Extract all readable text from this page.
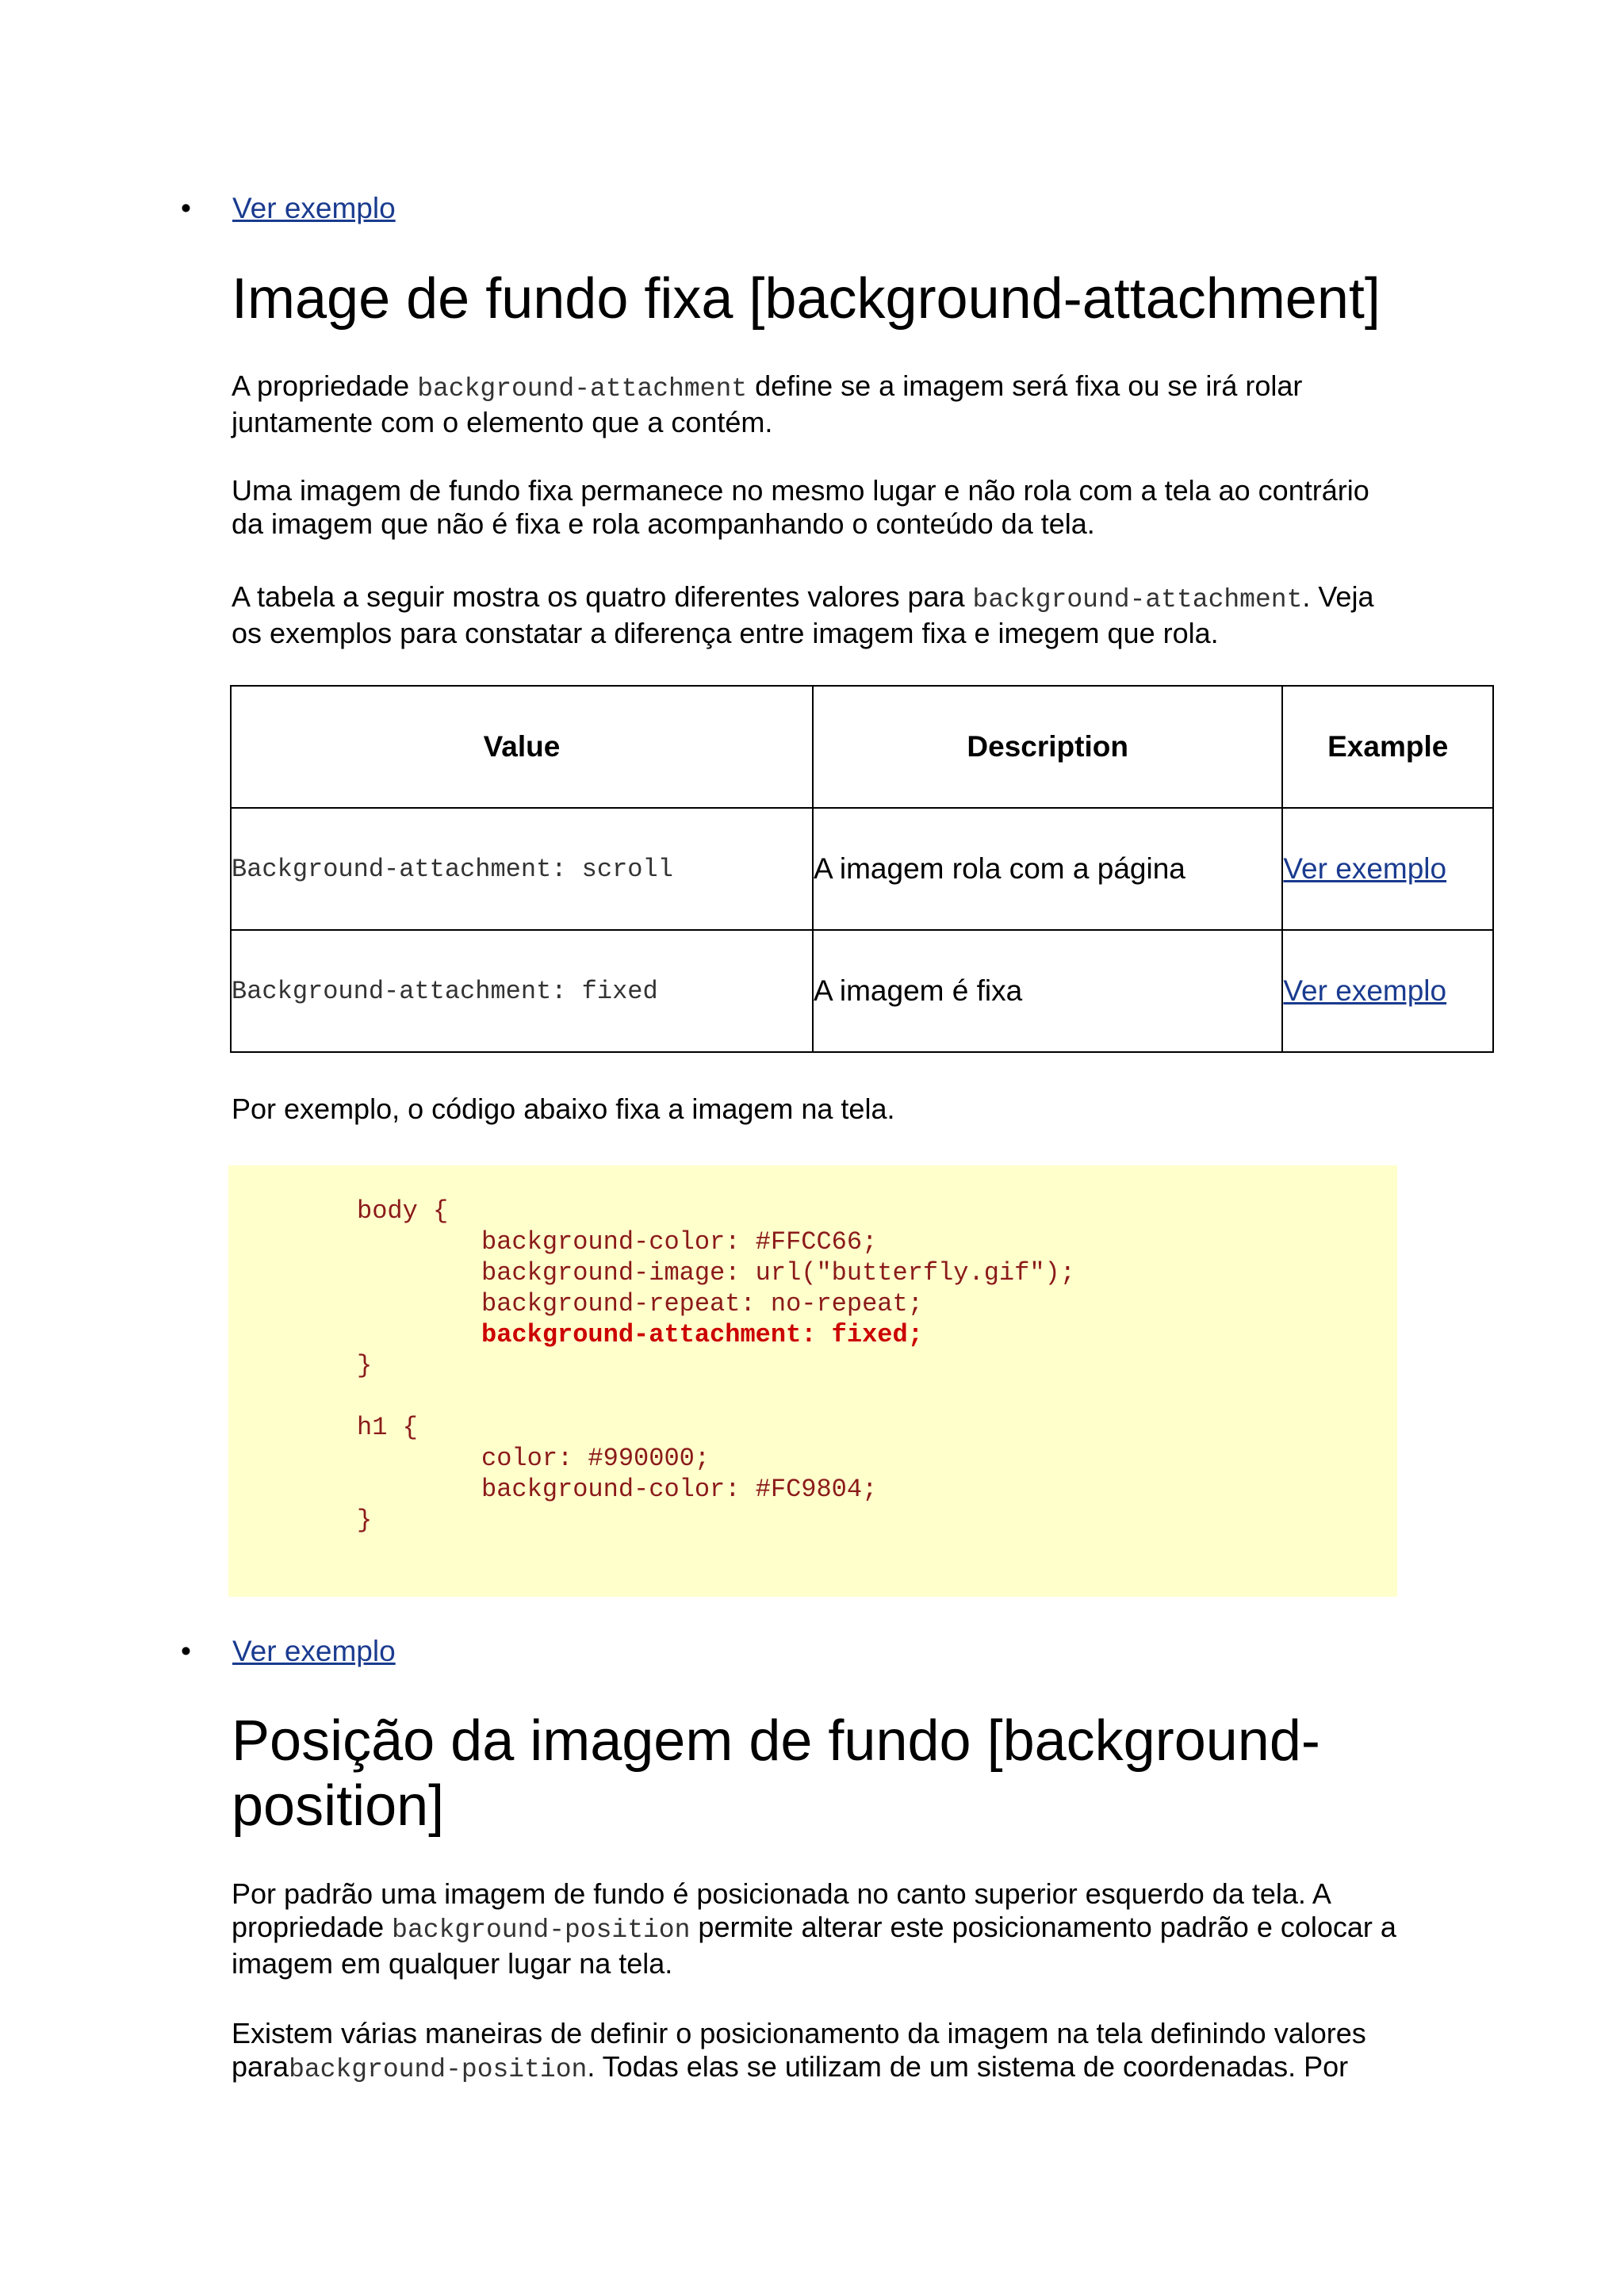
• Ver exemplo
Image de fundo fixa [background-attachment]

A propriedade background-attachment define se a imagem será fixa ou se irá rolar juntamente com o elemento que a contém.

Uma imagem de fundo fixa permanece no mesmo lugar e não rola com a tela ao contrário da imagem que não é fixa e rola acompanhando o conteúdo da tela.

A tabela a seguir mostra os quatro diferentes valores para background-attachment. Veja os exemplos para constatar a diferença entre imagem fixa e imegem que rola.

Value	Description	Example
Background-attachment: scroll	A imagem rola com a página	Ver exemplo
Background-attachment: fixed	A imagem é fixa	Ver exemplo

Por exemplo, o código abaixo fixa a imagem na tela.

body {
background-color: #FFCC66;
background-image: url("butterfly.gif");
background-repeat: no-repeat;
background-attachment: fixed;
}
h1 {
color: #990000;
background-color: #FC9804;
}
• Ver exemplo
Posição da imagem de fundo [background-position]

Por padrão uma imagem de fundo é posicionada no canto superior esquerdo da tela. A propriedade background-position permite alterar este posicionamento padrão e colocar a imagem em qualquer lugar na tela.

Existem várias maneiras de definir o posicionamento da imagem na tela definindo valores parabackground-position. Todas elas se utilizam de um sistema de coordenadas. Por
